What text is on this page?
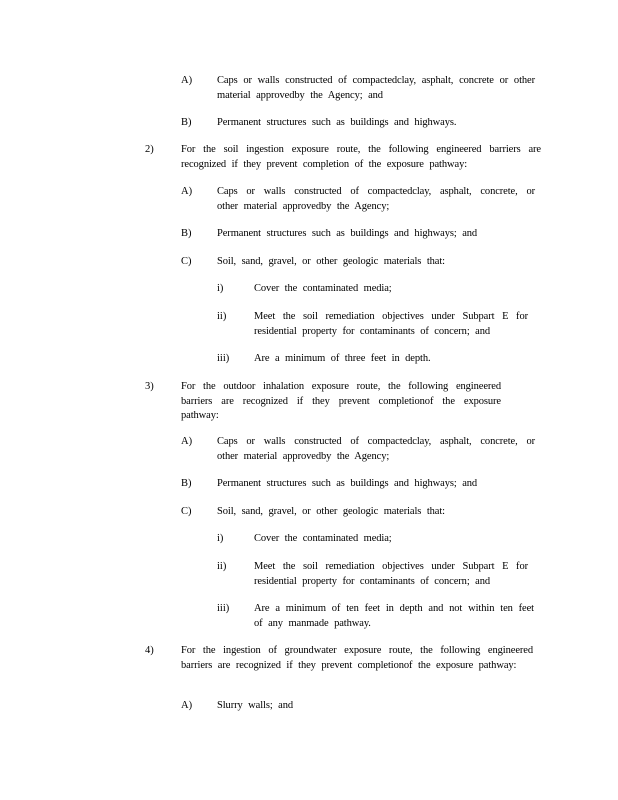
A) Caps or walls constructed of compactedclay, asphalt, concrete or other material approvedby the Agency; and
B) Permanent structures such as buildings and highways.
2)	For the soil ingestion exposure route, the following engineered barriers are recognized if they prevent completion of the exposure pathway:
A) Caps or walls constructed of compactedclay, asphalt, concrete, or other material approvedby the Agency;
B) Permanent structures such as buildings and highways; and
C) Soil, sand, gravel, or other geologic materials that:
i)	Cover the contaminated media;
ii)	Meet the soil remediation objectives under Subpart E for residential property for contaminants of concern; and
iii) Are a minimum of three feet in depth.
3)	For the outdoor inhalation exposure route, the following engineered barriers are recognized if they prevent completionof the exposure pathway:
A) Caps or walls constructed of compactedclay, asphalt, concrete, or other material approvedby the Agency;
B) Permanent structures such as buildings and highways; and
C) Soil, sand, gravel, or other geologic materials that:
i)	Cover the contaminated media;
ii)	Meet the soil remediation objectives under Subpart E for residential property for contaminants of concern; and
iii) Are a minimum of ten feet in depth and not within ten feet of any manmade pathway.
4)	For the ingestion of groundwater exposure route, the following engineered barriers are recognized if they prevent completionof the exposure pathway:
A) Slurry walls; and
